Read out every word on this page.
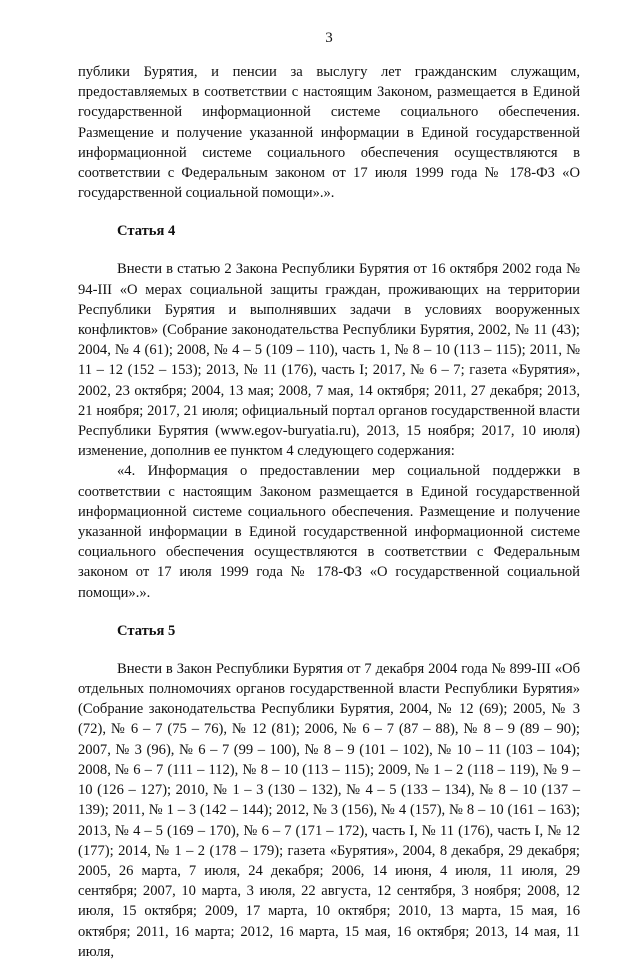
3

публики Бурятия, и пенсии за выслугу лет гражданским служащим, предоставляемых в соответствии с настоящим Законом, размещается в Единой государственной информационной системе социального обеспечения. Размещение и получение указанной информации в Единой государственной информационной системе социального обеспечения осуществляются в соответствии с Федеральным законом от 17 июля 1999 года № 178-ФЗ «О государственной социальной помощи».».

Статья 4

Внести в статью 2 Закона Республики Бурятия от 16 октября 2002 года № 94-III «О мерах социальной защиты граждан, проживающих на территории Республики Бурятия и выполнявших задачи в условиях вооруженных конфликтов» (Собрание законодательства Республики Бурятия, 2002, № 11 (43); 2004, № 4 (61); 2008, № 4 – 5 (109 – 110), часть 1, № 8 – 10 (113 – 115); 2011, № 11 – 12 (152 – 153); 2013, № 11 (176), часть I; 2017, № 6 – 7; газета «Бурятия», 2002, 23 октября; 2004, 13 мая; 2008, 7 мая, 14 октября; 2011, 27 декабря; 2013, 21 ноября; 2017, 21 июля; официальный портал органов государственной власти Республики Бурятия (www.egov-buryatia.ru), 2013, 15 ноября; 2017, 10 июля) изменение, дополнив ее пунктом 4 следующего содержания:

«4. Информация о предоставлении мер социальной поддержки в соответствии с настоящим Законом размещается в Единой государственной информационной системе социального обеспечения. Размещение и получение указанной информации в Единой государственной информационной системе социального обеспечения осуществляются в соответствии с Федеральным законом от 17 июля 1999 года № 178-ФЗ «О государственной социальной помощи».».

Статья 5

Внести в Закон Республики Бурятия от 7 декабря 2004 года № 899-III «Об отдельных полномочиях органов государственной власти Республики Бурятия» (Собрание законодательства Республики Бурятия, 2004, № 12 (69); 2005, № 3 (72), № 6 – 7 (75 – 76), № 12 (81); 2006, № 6 – 7 (87 – 88), № 8 – 9 (89 – 90); 2007, № 3 (96), № 6 – 7 (99 – 100), № 8 – 9 (101 – 102), № 10 – 11 (103 – 104); 2008, № 6 – 7 (111 – 112), № 8 – 10 (113 – 115); 2009, № 1 – 2 (118 – 119), № 9 – 10 (126 – 127); 2010, № 1 – 3 (130 – 132), № 4 – 5 (133 – 134), № 8 – 10 (137 – 139); 2011, № 1 – 3 (142 – 144); 2012, № 3 (156), № 4 (157), № 8 – 10 (161 – 163); 2013, № 4 – 5 (169 – 170), № 6 – 7 (171 – 172), часть I, № 11 (176), часть I, № 12 (177); 2014, № 1 – 2 (178 – 179); газета «Бурятия», 2004, 8 декабря, 29 декабря; 2005, 26 марта, 7 июля, 24 декабря; 2006, 14 июня, 4 июля, 11 июля, 29 сентября; 2007, 10 марта, 3 июля, 22 августа, 12 сентября, 3 ноября; 2008, 12 июля, 15 октября; 2009, 17 марта, 10 октября; 2010, 13 марта, 15 мая, 16 октября; 2011, 16 марта; 2012, 16 марта, 15 мая, 16 октября; 2013, 14 мая, 11 июля,
